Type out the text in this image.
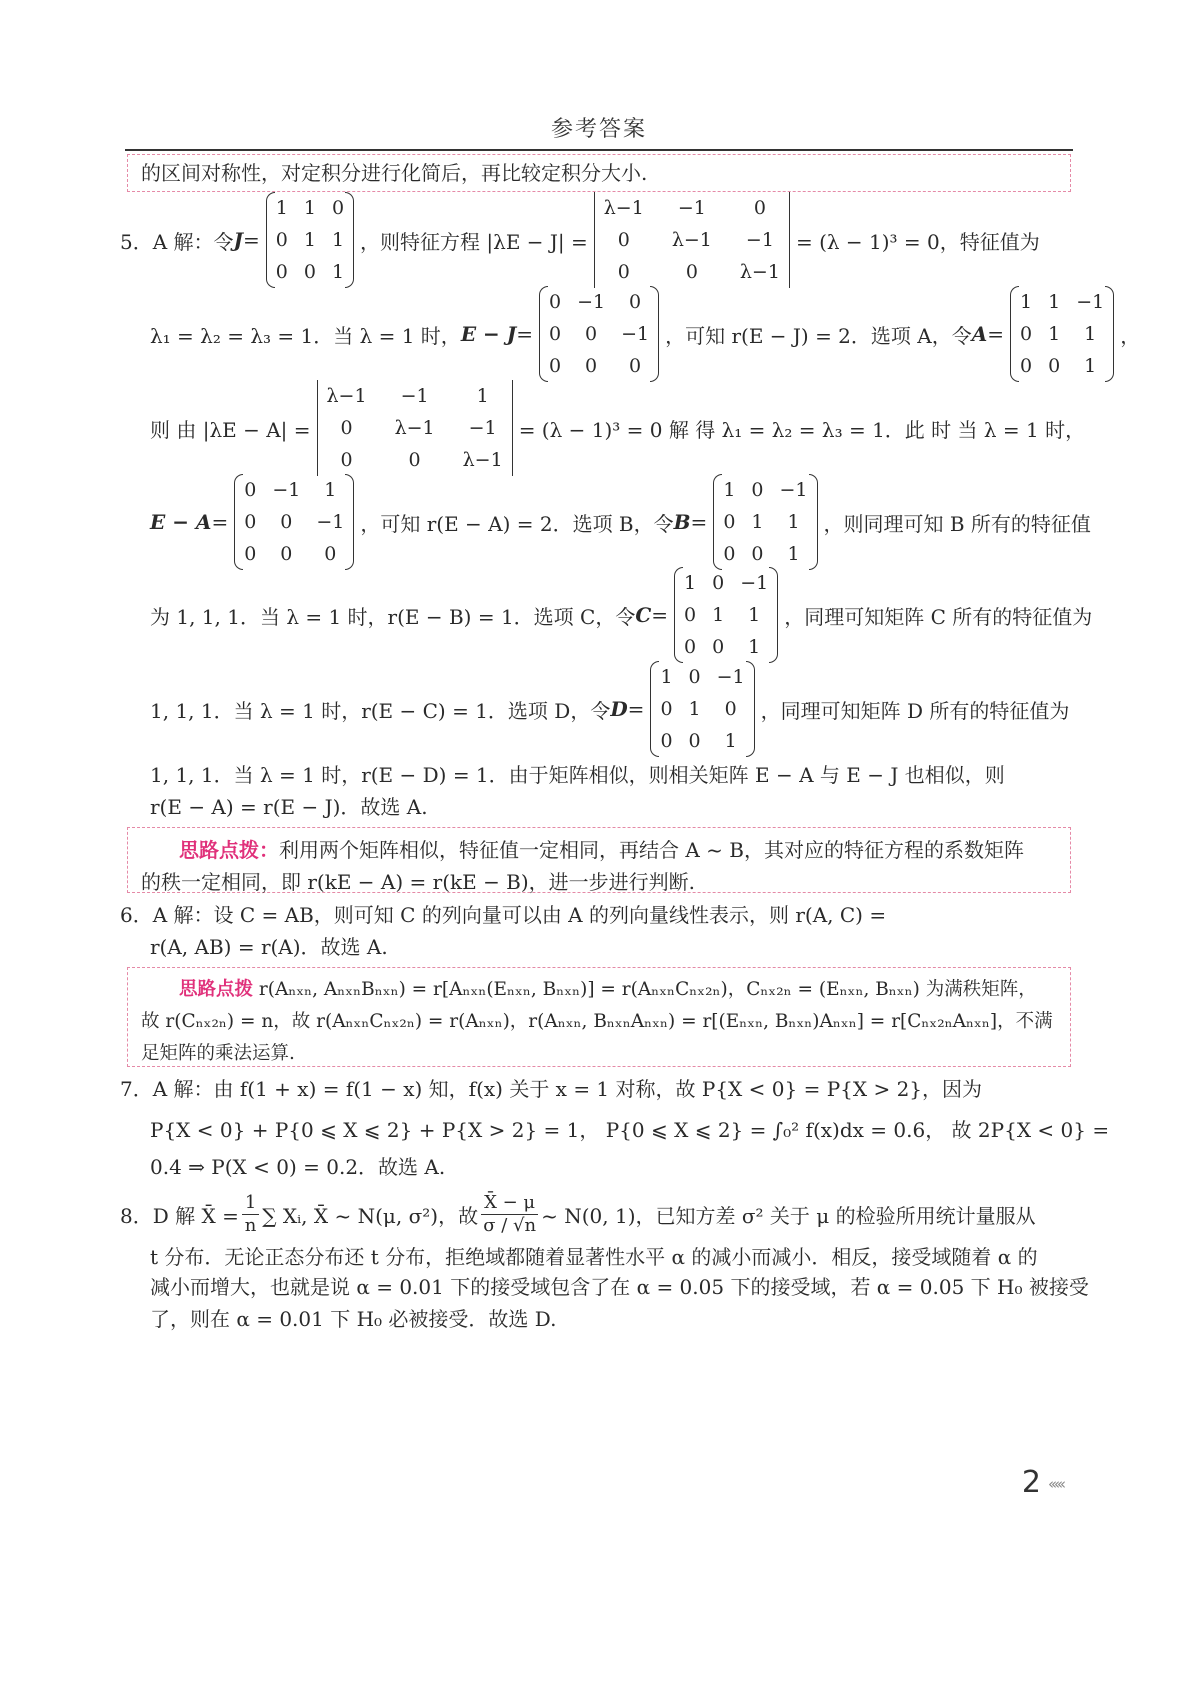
参考答案
的区间对称性，对定积分进行化简后，再比较定积分大小.
5．A 解：令 J =
1 1 0
0 1 1
0 0 1
，则特征方程 |λE − J| =
λ−1	−1	0
0	λ−1	−1
0	0	λ−1
= (λ − 1)³ = 0，特征值为
λ₁ = λ₂ = λ₃ = 1．当 λ = 1 时， E − J =
0 −1	0
0	0	−1
0	0	0
，可知 r(E − J) = 2．选项 A，令 A =
1 1 −1
0 1	1
0 0	1
，
则 由 |λE − A| =
λ−1	−1	1
0	λ−1	−1
0	0	λ−1
= (λ − 1)³ = 0 解 得 λ₁ = λ₂ = λ₃ = 1．此 时 当 λ = 1 时，
E − A =
0 −1	1
0	0	−1
0	0	0
，可知 r(E − A) = 2．选项 B，令 B =
1 0 −1
0 1	1
0 0	1
，则同理可知 B 所有的特征值
为 1, 1, 1．当 λ = 1 时，r(E − B) = 1．选项 C，令 C =
1 0 −1
0 1	1
0 0	1
，同理可知矩阵 C 所有的特征值为
1, 1, 1．当 λ = 1 时，r(E − C) = 1．选项 D，令 D =
1 0 −1
0 1	0
0 0	1
，同理可知矩阵 D 所有的特征值为
1, 1, 1．当 λ = 1 时，r(E − D) = 1．由于矩阵相似，则相关矩阵 E − A 与 E − J 也相似，则
r(E − A) = r(E − J)．故选 A.
思路点拨：利用两个矩阵相似，特征值一定相同，再结合 A ~ B，其对应的特征方程的系数矩阵
的秩一定相同，即 r(kE − A) = r(kE − B)，进一步进行判断.
6．A 解：设 C = AB，则可知 C 的列向量可以由 A 的列向量线性表示，则 r(A, C) =
r(A, AB) = r(A)．故选 A.
思路点拨 r(Aₙₓₙ, AₙₓₙBₙₓₙ) = r[Aₙₓₙ(Eₙₓₙ, Bₙₓₙ)] = r(AₙₓₙCₙₓ₂ₙ)，Cₙₓ₂ₙ = (Eₙₓₙ, Bₙₓₙ) 为满秩矩阵，
故 r(Cₙₓ₂ₙ) = n，故 r(AₙₓₙCₙₓ₂ₙ) = r(Aₙₓₙ)，r(Aₙₓₙ, BₙₓₙAₙₓₙ) = r[(Eₙₓₙ, Bₙₓₙ)Aₙₓₙ] = r[Cₙₓ₂ₙAₙₓₙ]，不满
足矩阵的乘法运算.
7．A 解：由 f(1 + x) = f(1 − x) 知，f(x) 关于 x = 1 对称，故 P{X < 0} = P{X > 2}，因为
P{X < 0} + P{0 ⩽ X ⩽ 2} + P{X > 2} = 1， P{0 ⩽ X ⩽ 2} = ∫₀² f(x)dx = 0.6， 故 2P{X < 0} =
0.4 ⇒ P(X < 0) = 0.2．故选 A.
8．D 解 X̄ = $\frac{1}{n}$ ∑ Xᵢ, X̄ ~ N(μ, σ²)，故 $\frac{X̄ - \mu}{\sigma / √n}$ ~ N(0, 1)，已知方差 σ² 关于 μ 的检验所用统计量服从
t 分布．无论正态分布还 t 分布，拒绝域都随着显著性水平 α 的减小而减小．相反，接受域随着 α 的
减小而增大，也就是说 α = 0.01 下的接受域包含了在 α = 0.05 下的接受域，若 α = 0.05 下 H₀ 被接受
了，则在 α = 0.01 下 H₀ 必被接受．故选 D.
2 ‹‹‹‹‹
